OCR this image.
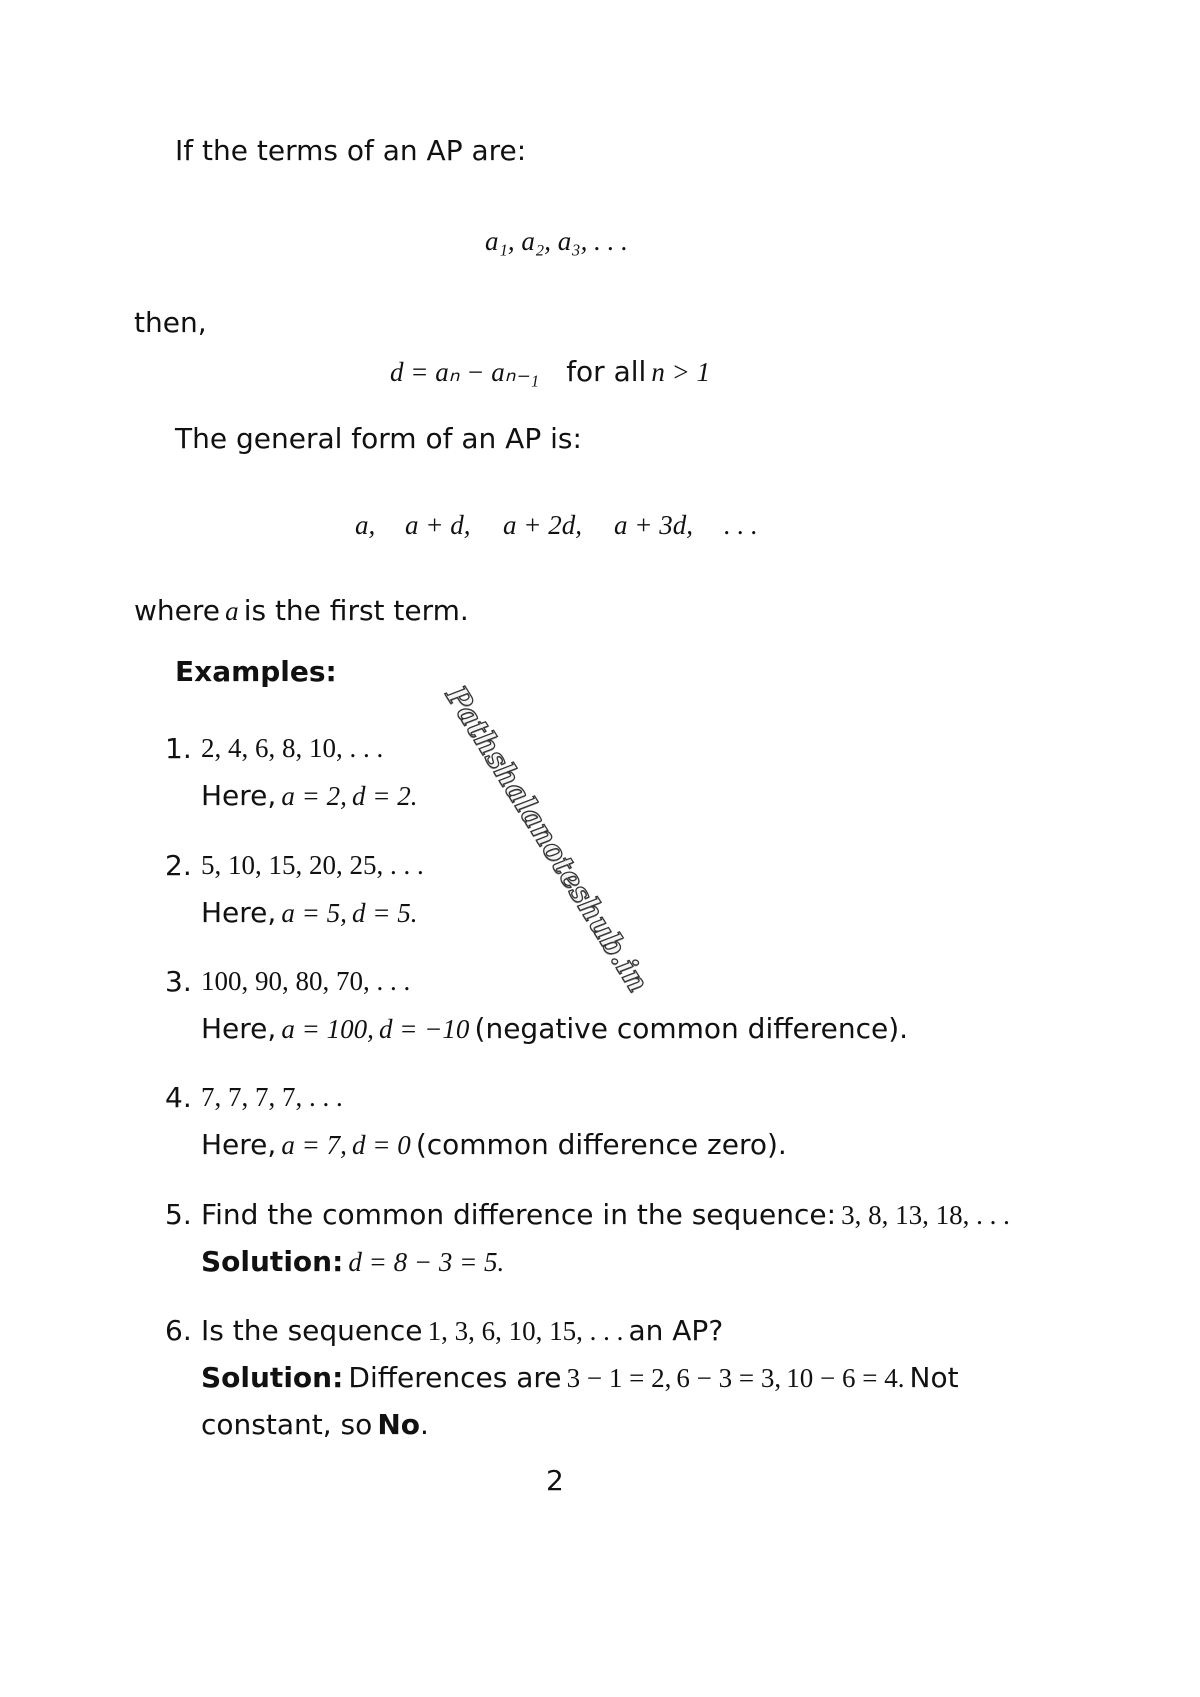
If the terms of an AP are:
a₁, a₂, a₃, . . .
then,
d = aₙ − aₙ₋₁ for all n > 1
The general form of an AP is:
a, a + d, a + 2d, a + 3d, . . .
where a is the first term.
Examples:
1. 2, 4, 6, 8, 10, . . .
Here, a = 2, d = 2.
2. 5, 10, 15, 20, 25, . . .
Here, a = 5, d = 5.
3. 100, 90, 80, 70, . . .
Here, a = 100, d = −10 (negative common difference).
4. 7, 7, 7, 7, . . .
Here, a = 7, d = 0 (common difference zero).
5. Find the common difference in the sequence: 3, 8, 13, 18, . . .
Solution: d = 8 − 3 = 5.
6. Is the sequence 1, 3, 6, 10, 15, . . . an AP?
Solution: Differences are 3 − 1 = 2, 6 − 3 = 3, 10 − 6 = 4. Not
constant, so No.
Pathshalanoteshub.in
2
